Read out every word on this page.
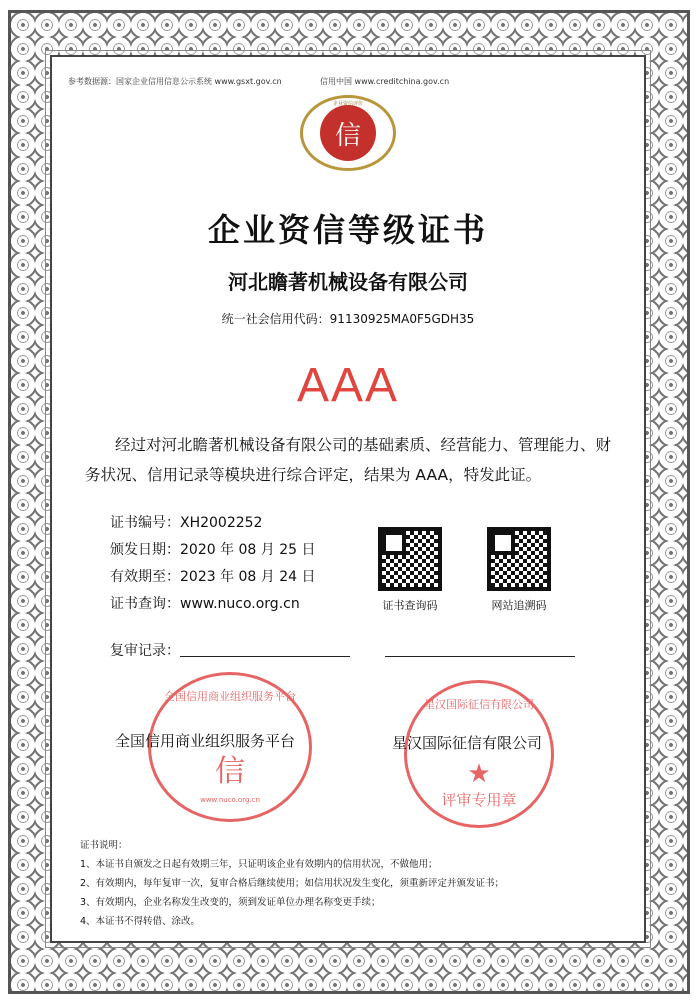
参考数据源：国家企业信用信息公示系统 www.gsxt.gov.cn	信用中国 www.creditchina.gov.cn
企业资信评价
信
企业资信等级证书
河北瞻著机械设备有限公司
统一社会信用代码：91130925MA0F5GDH35
AAA
经过对河北瞻著机械设备有限公司的基础素质、经营能力、管理能力、财务状况、信用记录等模块进行综合评定，结果为 AAA，特发此证。
证书编号：XH2002252
颁发日期：2020 年 08 月 25 日
有效期至：2023 年 08 月 24 日
证书查询：www.nuco.org.cn	证书查询码	网站追溯码
复审记录：
全国信用商业组织服务平台
信
www.nuco.org.cn
全国信用商业组织服务平台
星汉国际征信有限公司
★
评审专用章
星汉国际征信有限公司
证书说明：
1、本证书自颁发之日起有效期三年，只证明该企业有效期内的信用状况，不做他用；
2、有效期内，每年复审一次，复审合格后继续使用；如信用状况发生变化，须重新评定并颁发证书；
3、有效期内，企业名称发生改变的，须到发证单位办理名称变更手续；
4、本证书不得转借、涂改。
